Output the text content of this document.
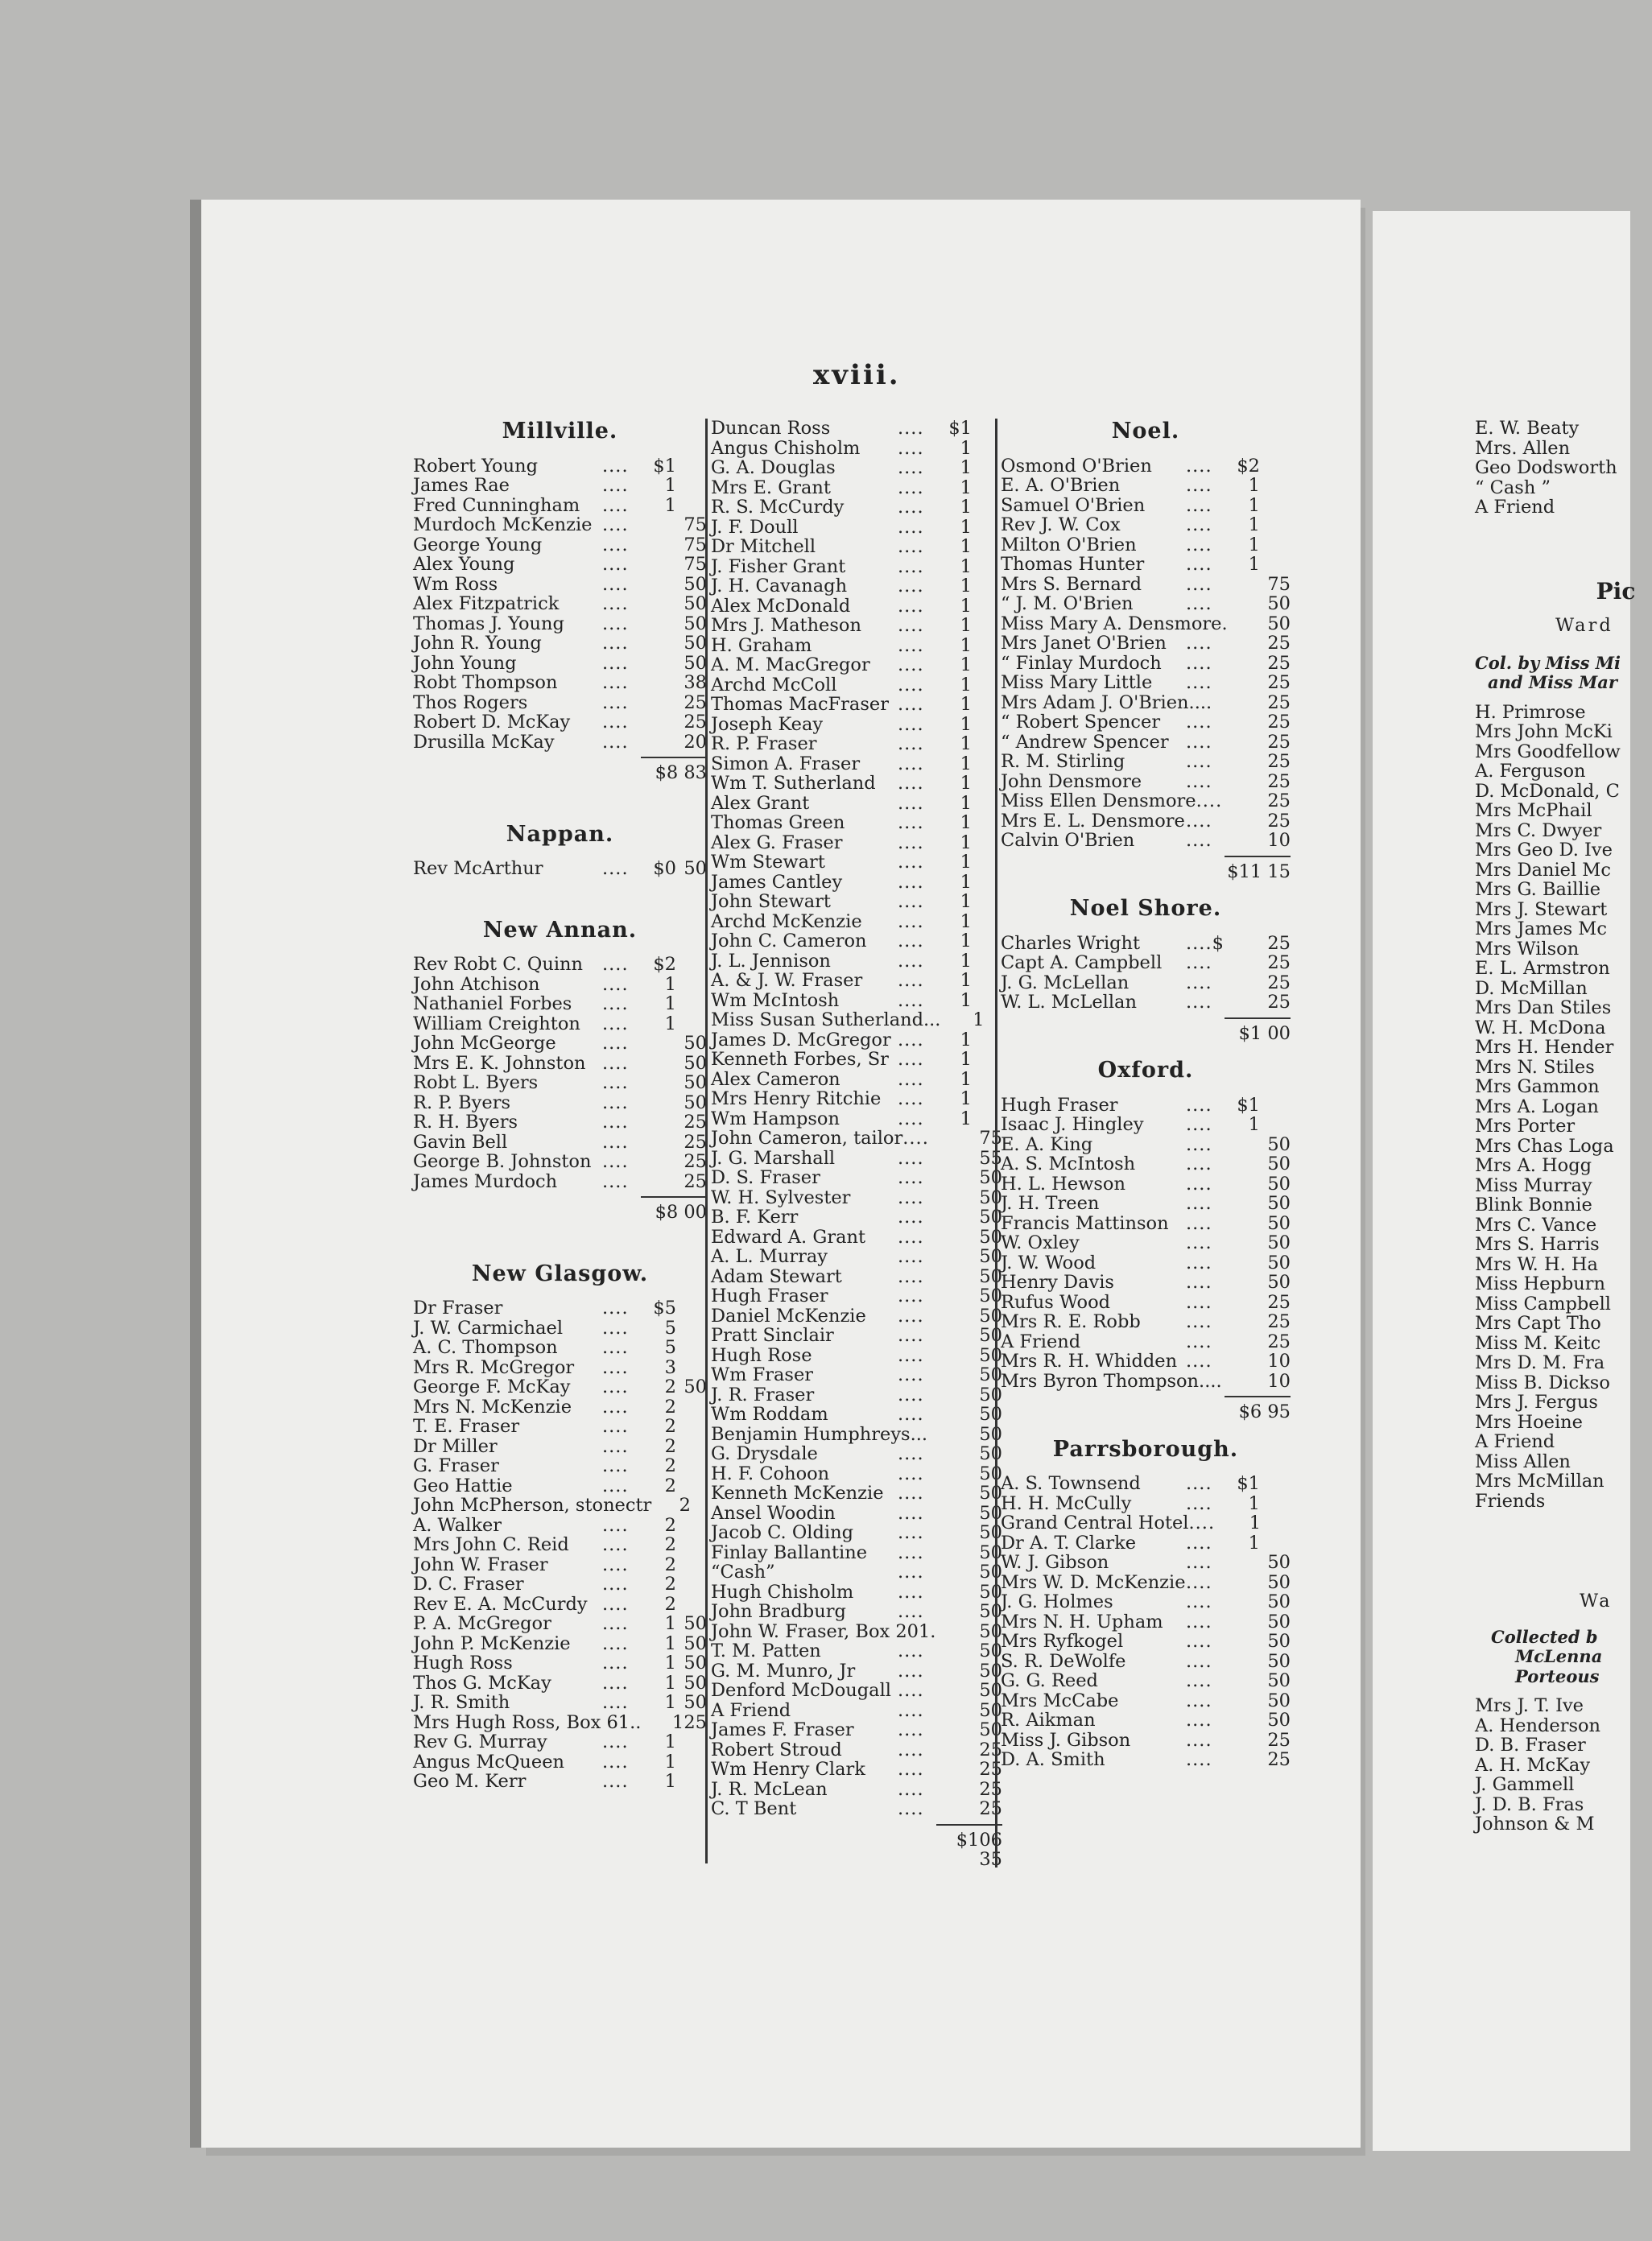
xviii.
Millville.
Robert Young	....	$1
James Rae	....	1
Fred Cunningham	....	1
Murdoch McKenzie ....	75
George Young	....	75
Alex Young	....	75
Wm Ross	....	50
Alex Fitzpatrick	....	50
Thomas J. Young	....	50
John R. Young	....	50
John Young	....	50
Robt Thompson	....	38
Thos Rogers	....	25
Robert D. McKay	....	25
Drusilla McKay	....	20
$8 83
Nappan.
Rev McArthur	....	$0 50
New Annan.
Rev Robt C. Quinn	....	$2
John Atchison	....	1
Nathaniel Forbes	....	1
William Creighton	....	1
John McGeorge	....	50
Mrs E. K. Johnston ....	50
Robt L. Byers	....	50
R. P. Byers	....	50
R. H. Byers	....	25
Gavin Bell	....	25
George B. Johnston ....	25
James Murdoch	....	25
$8 00
New Glasgow.
Dr Fraser	....	$5
J. W. Carmichael	....	5
A. C. Thompson	....	5
Mrs R. McGregor	....	3
George F. McKay	....	2 50
Mrs N. McKenzie	....	2
T. E. Fraser	....	2
Dr Miller	....	2
G. Fraser	....	2
Geo Hattie	....	2
John McPherson, stonectr 2
A. Walker	....	2
Mrs John C. Reid	....	2
John W. Fraser	....	2
D. C. Fraser	....	2
Rev E. A. McCurdy ....	2
P. A. McGregor	....	1 50
John P. McKenzie	....	1 50
Hugh Ross	....	1 50
Thos G. McKay	....	1 50
J. R. Smith	....	1 50
Mrs Hugh Ross, Box 61.. 1 25
Rev G. Murray	....	1
Angus McQueen	....	1
Geo M. Kerr	....	1
Duncan Ross	....	$1
Angus Chisholm	....	1
G. A. Douglas	....	1
Mrs E. Grant	....	1
R. S. McCurdy	....	1
J. F. Doull	....	1
Dr Mitchell	....	1
J. Fisher Grant	....	1
J. H. Cavanagh	....	1
Alex McDonald	....	1
Mrs J. Matheson	....	1
H. Graham	....	1
A. M. MacGregor	....	1
Archd McColl	....	1
Thomas MacFraser ....	1
Joseph Keay	....	1
R. P. Fraser	....	1
Simon A. Fraser	....	1
Wm T. Sutherland	....	1
Alex Grant	....	1
Thomas Green	....	1
Alex G. Fraser	....	1
Wm Stewart	....	1
James Cantley	....	1
John Stewart	....	1
Archd McKenzie	....	1
John C. Cameron	....	1
J. L. Jennison	....	1
A. & J. W. Fraser	....	1
Wm McIntosh	....	1
Miss Susan Sutherland... 1
James D. McGregor ....	1
Kenneth Forbes, Sr ....	1
Alex Cameron	....	1
Mrs Henry Ritchie ....	1
Wm Hampson	....	1
John Cameron, tailor ....	75
J. G. Marshall	....	55
D. S. Fraser	....	50
W. H. Sylvester	....	50
B. F. Kerr	....	50
Edward A. Grant	....	50
A. L. Murray	....	50
Adam Stewart	....	50
Hugh Fraser	....	50
Daniel McKenzie	....	50
Pratt Sinclair	....	50
Hugh Rose	....	50
Wm Fraser	....	50
J. R. Fraser	....	50
Wm Roddam	....	50
Benjamin Humphreys...	50
G. Drysdale	....	50
H. F. Cohoon	....	50
Kenneth McKenzie ....	50
Ansel Woodin	....	50
Jacob C. Olding	....	50
Finlay Ballantine	....	50
“Cash”	....	50
Hugh Chisholm	....	50
John Bradburg	....	50
John W. Fraser, Box 201. 50
T. M. Patten	....	50
G. M. Munro, Jr	....	50
Denford McDougall ....	50
A Friend	....	50
James F. Fraser	....	50
Robert Stroud	....	25
Wm Henry Clark	....	25
J. R. McLean	....	25
C. T Bent	....	25
$106 35
Noel.
Osmond O'Brien	....	$2
E. A. O'Brien	....	1
Samuel O'Brien	....	1
Rev J. W. Cox	....	1
Milton O'Brien	....	1
Thomas Hunter	....	1
Mrs S. Bernard	....	75
“ J. M. O'Brien	....	50
Miss Mary A. Densmore. 50
Mrs Janet O'Brien	....	25
“ Finlay Murdoch	....	25
Miss Mary Little	....	25
Mrs Adam J. O'Brien....	25
“ Robert Spencer	....	25
“ Andrew Spencer ....	25
R. M. Stirling	....	25
John Densmore	....	25
Miss Ellen Densmore ....	25
Mrs E. L. Densmore ....	25
Calvin O'Brien	....	10
$11 15
Noel Shore.
Charles Wright	....$	25
Capt A. Campbell	....	25
J. G. McLellan	....	25
W. L. McLellan	....	25
$1 00
Oxford.
Hugh Fraser	....	$1
Isaac J. Hingley	....	1
E. A. King	....	50
A. S. McIntosh	....	50
H. L. Hewson	....	50
J. H. Treen	....	50
Francis Mattinson ....	50
W. Oxley	....	50
J. W. Wood	....	50
Henry Davis	....	50
Rufus Wood	....	25
Mrs R. E. Robb	....	25
A Friend	....	25
Mrs R. H. Whidden ....	10
Mrs Byron Thompson....	10
$6 95
Parrsborough.
A. S. Townsend	....	$1
H. H. McCully	....	1
Grand Central Hotel ....	1
Dr A. T. Clarke	....	1
W. J. Gibson	....	50
Mrs W. D. McKenzie ....	50
J. G. Holmes	....	50
Mrs N. H. Upham	....	50
Mrs Ryfkogel	....	50
S. R. DeWolfe	....	50
G. G. Reed	....	50
Mrs McCabe	....	50
R. Aikman	....	50
Miss J. Gibson	....	25
D. A. Smith	....	25
E. W. Beaty
Mrs. Allen
Geo Dodsworth
“ Cash ”
A Friend
Pic
Ward
Col. by Miss Mi
and Miss Mar
H. Primrose
Mrs John McKi
Mrs Goodfellow
A. Ferguson
D. McDonald, C
Mrs McPhail
Mrs C. Dwyer
Mrs Geo D. Ive
Mrs Daniel Mc
Mrs G. Baillie
Mrs J. Stewart
Mrs James Mc
Mrs Wilson
E. L. Armstron
D. McMillan
Mrs Dan Stiles
W. H. McDona
Mrs H. Hender
Mrs N. Stiles
Mrs Gammon
Mrs A. Logan
Mrs Porter
Mrs Chas Loga
Mrs A. Hogg
Miss Murray
Blink Bonnie
Mrs C. Vance
Mrs S. Harris
Mrs W. H. Ha
Miss Hepburn
Miss Campbell
Mrs Capt Tho
Miss M. Keitc
Mrs D. M. Fra
Miss B. Dickso
Mrs J. Fergus
Mrs Hoeine
A Friend
Miss Allen
Mrs McMillan
Friends
Wa
Collected b
McLenna
Porteous
Mrs J. T. Ive
A. Henderson
D. B. Fraser
A. H. McKay
J. Gammell
J. D. B. Fras
Johnson & M
